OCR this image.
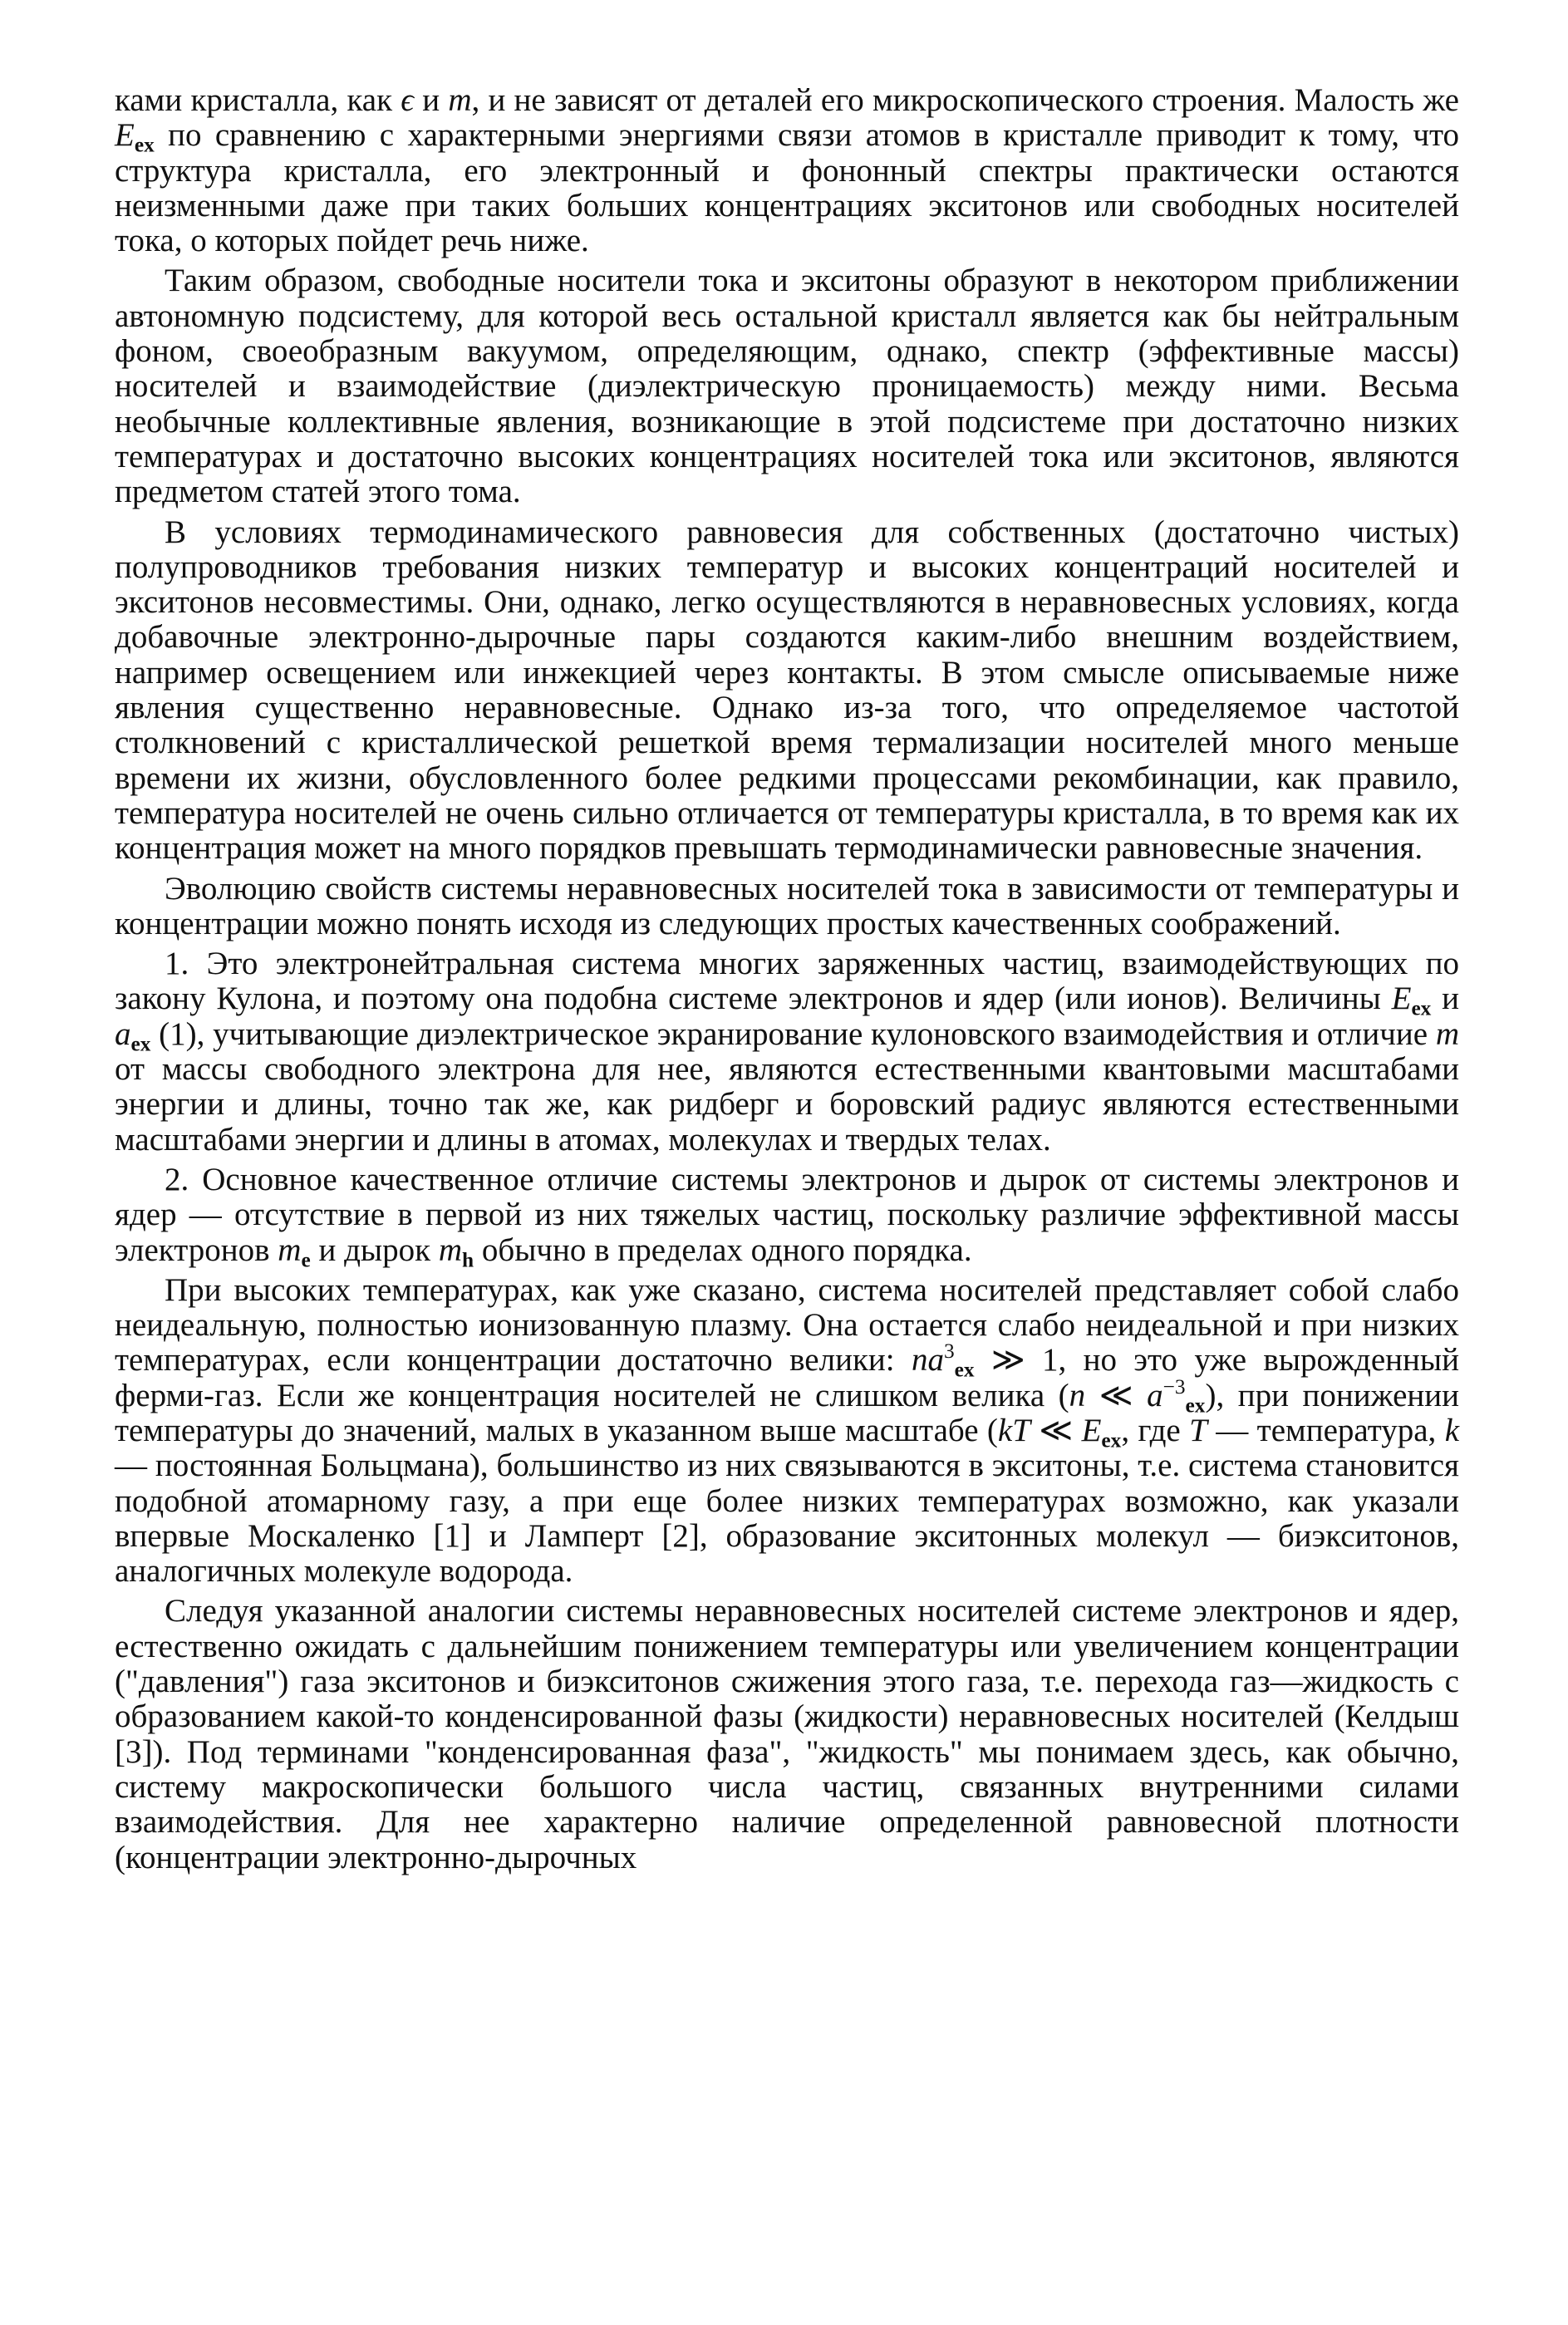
ками кристалла, как ϵ и m, и не зависят от деталей его микроскопического строения. Малость же $E_{ex}$ по сравнению с характерными энергиями связи атомов в кристалле приводит к тому, что структура кристалла, его электронный и фононный спектры практически остаются неизменными даже при таких больших концентрациях экситонов или свободных носителей тока, о которых пойдет речь ниже.

Таким образом, свободные носители тока и экситоны образуют в некотором приближении автономную подсистему, для которой весь остальной кристалл является как бы нейтральным фоном, своеобразным вакуумом, определяющим, однако, спектр (эффективные массы) носителей и взаимодействие (диэлектрическую проницаемость) между ними. Весьма необычные коллективные явления, возникающие в этой подсистеме при достаточно низких температурах и достаточно высоких концентрациях носителей тока или экситонов, являются предметом статей этого тома.

В условиях термодинамического равновесия для собственных (достаточно чистых) полупроводников требования низких температур и высоких концентраций носителей и экситонов несовместимы. Они, однако, легко осуществляются в неравновесных условиях, когда добавочные электронно-дырочные пары создаются каким-либо внешним воздействием, например освещением или инжекцией через контакты. В этом смысле описываемые ниже явления существенно неравновесные. Однако из-за того, что определяемое частотой столкновений с кристаллической решеткой время термализации носителей много меньше времени их жизни, обусловленного более редкими процессами рекомбинации, как правило, температура носителей не очень сильно отличается от температуры кристалла, в то время как их концентрация может на много порядков превышать термодинамически равновесные значения.

Эволюцию свойств системы неравновесных носителей тока в зависимости от температуры и концентрации можно понять исходя из следующих простых качественных соображений.

1. Это электронейтральная система многих заряженных частиц, взаимодействующих по закону Кулона, и поэтому она подобна системе электронов и ядер (или ионов). Величины $E_{ex}$ и $a_{ex}$ (1), учитывающие диэлектрическое экранирование кулоновского взаимодействия и отличие m от массы свободного электрона для нее, являются естественными квантовыми масштабами энергии и длины, точно так же, как ридберг и боровский радиус являются естественными масштабами энергии и длины в атомах, молекулах и твердых телах.

2. Основное качественное отличие системы электронов и дырок от системы электронов и ядер — отсутствие в первой из них тяжелых частиц, поскольку различие эффективной массы электронов $m_e$ и дырок $m_h$ обычно в пределах одного порядка.

При высоких температурах, как уже сказано, система носителей представляет собой слабо неидеальную, полностью ионизованную плазму. Она остается слабо неидеальной и при низких температурах, если концентрации достаточно велики: $na^3_{ex}$ ≫ 1, но это уже вырожденный ферми-газ. Если же концентрация носителей не слишком велика (n ≪ $a^{-3}_{ex}$), при понижении температуры до значений, малых в указанном выше масштабе (kT ≪ $E_{ex}$, где T — температура, k — постоянная Больцмана), большинство из них связываются в экситоны, т.е. система становится подобной атомарному газу, а при еще более низких температурах возможно, как указали впервые Москаленко [1] и Ламперт [2], образование экситонных молекул — биэкситонов, аналогичных молекуле водорода.

Следуя указанной аналогии системы неравновесных носителей системе электронов и ядер, естественно ожидать с дальнейшим понижением температуры или увеличением концентрации ("давления") газа экситонов и биэкситонов сжижения этого газа, т.е. перехода газ—жидкость с образованием какой-то конденсированной фазы (жидкости) неравновесных носителей (Келдыш [3]). Под терминами "конденсированная фаза", "жидкость" мы понимаем здесь, как обычно, систему макроскопически большого числа частиц, связанных внутренними силами взаимодействия. Для нее характерно наличие определенной равновесной плотности (концентрации электронно-дырочных
